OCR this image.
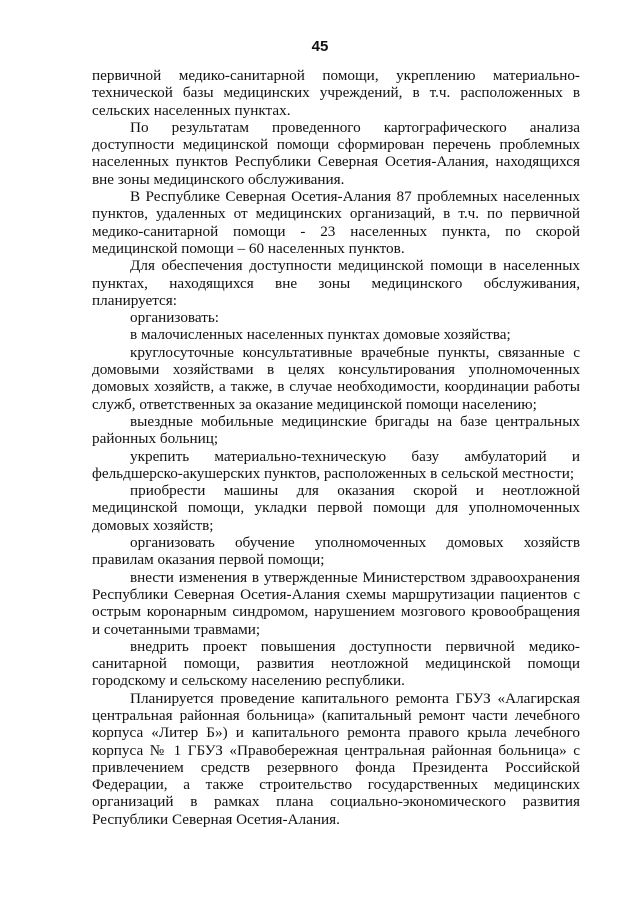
45

первичной медико-санитарной помощи, укреплению материально-технической базы медицинских учреждений, в т.ч. расположенных в сельских населенных пунктах.

По результатам проведенного картографического анализа доступности медицинской помощи сформирован перечень проблемных населенных пунктов Республики Северная Осетия-Алания, находящихся вне зоны медицинского обслуживания.

В Республике Северная Осетия-Алания 87 проблемных населенных пунктов, удаленных от медицинских организаций, в т.ч. по первичной медико-санитарной помощи - 23 населенных пункта, по скорой медицинской помощи – 60 населенных пунктов.

Для обеспечения доступности медицинской помощи в населенных пунктах, находящихся вне зоны медицинского обслуживания, планируется:

организовать:

в малочисленных населенных пунктах домовые хозяйства;

круглосуточные консультативные врачебные пункты, связанные с домовыми хозяйствами в целях консультирования уполномоченных домовых хозяйств, а также, в случае необходимости, координации работы служб, ответственных за оказание медицинской помощи населению;

выездные мобильные медицинские бригады на базе центральных районных больниц;

укрепить материально-техническую базу амбулаторий и фельдшерско-акушерских пунктов, расположенных в сельской местности;

приобрести машины для оказания скорой и неотложной медицинской помощи, укладки первой помощи для уполномоченных домовых хозяйств;

организовать обучение уполномоченных домовых хозяйств правилам оказания первой помощи;

внести изменения в утвержденные Министерством здравоохранения Республики Северная Осетия-Алания схемы маршрутизации пациентов с острым коронарным синдромом, нарушением мозгового кровообращения и сочетанными травмами;

внедрить проект повышения доступности первичной медико-санитарной помощи, развития неотложной медицинской помощи городскому и сельскому населению республики.

Планируется проведение капитального ремонта ГБУЗ «Алагирская центральная районная больница» (капитальный ремонт части лечебного корпуса «Литер Б») и капитального ремонта правого крыла лечебного корпуса № 1 ГБУЗ «Правобережная центральная районная больница» с привлечением средств резервного фонда Президента Российской Федерации, а также строительство государственных медицинских организаций в рамках плана социально-экономического развития Республики Северная Осетия-Алания.
